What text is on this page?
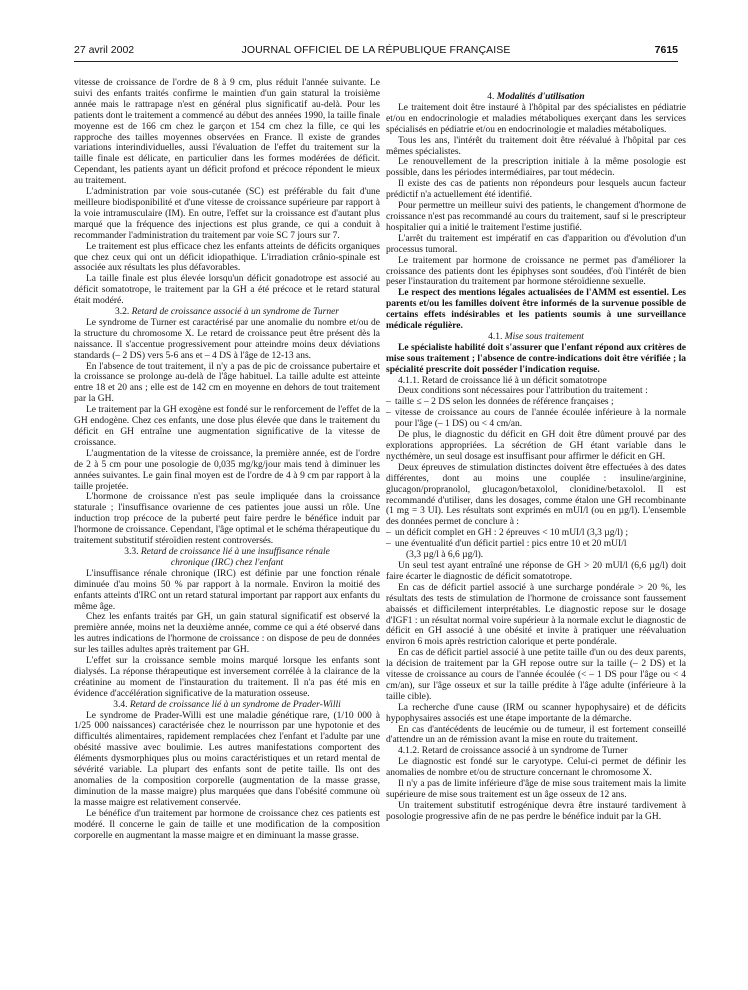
27 avril 2002	JOURNAL OFFICIEL DE LA RÉPUBLIQUE FRANÇAISE	7615

vitesse de croissance de l'ordre de 8 à 9 cm, plus réduit l'année suivante. Le suivi des enfants traités confirme le maintien d'un gain statural la troisième année mais le rattrapage n'est en général plus significatif au-delà. Pour les patients dont le traitement a commencé au début des années 1990, la taille finale moyenne est de 166 cm chez le garçon et 154 cm chez la fille, ce qui les rapproche des tailles moyennes observées en France. Il existe de grandes variations interindividuelles, aussi l'évaluation de l'effet du traitement sur la taille finale est délicate, en particulier dans les formes modérées de déficit. Cependant, les patients ayant un déficit profond et précoce répondent le mieux au traitement.

L'administration par voie sous-cutanée (SC) est préférable du fait d'une meilleure biodisponibilité et d'une vitesse de croissance supérieure par rapport à la voie intramusculaire (IM). En outre, l'effet sur la croissance est d'autant plus marqué que la fréquence des injections est plus grande, ce qui a conduit à recommander l'administration du traitement par voie SC 7 jours sur 7.

Le traitement est plus efficace chez les enfants atteints de déficits organiques que chez ceux qui ont un déficit idiopathique. L'irradiation crânio-spinale est associée aux résultats les plus défavorables.

La taille finale est plus élevée lorsqu'un déficit gonadotrope est associé au déficit somatotrope, le traitement par la GH a été précoce et le retard statural était modéré.

3.2. Retard de croissance associé à un syndrome de Turner

Le syndrome de Turner est caractérisé par une anomalie du nombre et/ou de la structure du chromosome X. Le retard de croissance peut être présent dès la naissance. Il s'accentue progressivement pour atteindre moins deux déviations standards (– 2 DS) vers 5-6 ans et – 4 DS à l'âge de 12-13 ans.

En l'absence de tout traitement, il n'y a pas de pic de croissance pubertaire et la croissance se prolonge au-delà de l'âge habituel. La taille adulte est atteinte entre 18 et 20 ans ; elle est de 142 cm en moyenne en dehors de tout traitement par la GH.

Le traitement par la GH exogène est fondé sur le renforcement de l'effet de la GH endogène. Chez ces enfants, une dose plus élevée que dans le traitement du déficit en GH entraîne une augmentation significative de la vitesse de croissance.

L'augmentation de la vitesse de croissance, la première année, est de l'ordre de 2 à 5 cm pour une posologie de 0,035 mg/kg/jour mais tend à diminuer les années suivantes. Le gain final moyen est de l'ordre de 4 à 9 cm par rapport à la taille projetée.

L'hormone de croissance n'est pas seule impliquée dans la croissance staturale ; l'insuffisance ovarienne de ces patientes joue aussi un rôle. Une induction trop précoce de la puberté peut faire perdre le bénéfice induit par l'hormone de croissance. Cependant, l'âge optimal et le schéma thérapeutique du traitement substitutif stéroïdien restent controversés.

3.3. Retard de croissance lié à une insuffisance rénale
chronique (IRC) chez l'enfant

L'insuffisance rénale chronique (IRC) est définie par une fonction rénale diminuée d'au moins 50 % par rapport à la normale. Environ la moitié des enfants atteints d'IRC ont un retard statural important par rapport aux enfants du même âge.

Chez les enfants traités par GH, un gain statural significatif est observé la première année, moins net la deuxième année, comme ce qui a été observé dans les autres indications de l'hormone de croissance : on dispose de peu de données sur les tailles adultes après traitement par GH.

L'effet sur la croissance semble moins marqué lorsque les enfants sont dialysés. La réponse thérapeutique est inversement corrélée à la clairance de la créatinine au moment de l'instauration du traitement. Il n'a pas été mis en évidence d'accélération significative de la maturation osseuse.

3.4. Retard de croissance lié à un syndrome de Prader-Willi

Le syndrome de Prader-Willi est une maladie génétique rare, (1/10 000 à 1/25 000 naissances) caractérisée chez le nourrisson par une hypotonie et des difficultés alimentaires, rapidement remplacées chez l'enfant et l'adulte par une obésité massive avec boulimie. Les autres manifestations comportent des éléments dysmorphiques plus ou moins caractéristiques et un retard mental de sévérité variable. La plupart des enfants sont de petite taille. Ils ont des anomalies de la composition corporelle (augmentation de la masse grasse, diminution de la masse maigre) plus marquées que dans l'obésité commune où la masse maigre est relativement conservée.

Le bénéfice d'un traitement par hormone de croissance chez ces patients est modéré. Il concerne le gain de taille et une modification de la composition corporelle en augmentant la masse maigre et en diminuant la masse grasse.

4. Modalités d'utilisation

Le traitement doit être instauré à l'hôpital par des spécialistes en pédiatrie et/ou en endocrinologie et maladies métaboliques exerçant dans les services spécialisés en pédiatrie et/ou en endocrinologie et maladies métaboliques.

Tous les ans, l'intérêt du traitement doit être réévalué à l'hôpital par ces mêmes spécialistes.

Le renouvellement de la prescription initiale à la même posologie est possible, dans les périodes intermédiaires, par tout médecin.

Il existe des cas de patients non répondeurs pour lesquels aucun facteur prédictif n'a actuellement été identifié.

Pour permettre un meilleur suivi des patients, le changement d'hormone de croissance n'est pas recommandé au cours du traitement, sauf si le prescripteur hospitalier qui a initié le traitement l'estime justifié.

L'arrêt du traitement est impératif en cas d'apparition ou d'évolution d'un processus tumoral.

Le traitement par hormone de croissance ne permet pas d'améliorer la croissance des patients dont les épiphyses sont soudées, d'où l'intérêt de bien peser l'instauration du traitement par hormone stéroïdienne sexuelle.

Le respect des mentions légales actualisées de l'AMM est essentiel. Les parents et/ou les familles doivent être informés de la survenue possible de certains effets indésirables et les patients soumis à une surveillance médicale régulière.

4.1. Mise sous traitement

Le spécialiste habilité doit s'assurer que l'enfant répond aux critères de mise sous traitement ; l'absence de contre-indications doit être vérifiée ; la spécialité prescrite doit posséder l'indication requise.

4.1.1. Retard de croissance lié à un déficit somatotrope

Deux conditions sont nécessaires pour l'attribution du traitement :

– taille ≤ – 2 DS selon les données de référence françaises ;

– vitesse de croissance au cours de l'année écoulée inférieure à la normale pour l'âge (– 1 DS) ou < 4 cm/an.

De plus, le diagnostic du déficit en GH doit être dûment prouvé par des explorations appropriées. La sécrétion de GH étant variable dans le nycthémère, un seul dosage est insuffisant pour affirmer le déficit en GH.

Deux épreuves de stimulation distinctes doivent être effectuées à des dates différentes, dont au moins une couplée : insuline/arginine, glucagon/propranolol, glucagon/betaxolol, clonidine/betaxolol. Il est recommandé d'utiliser, dans les dosages, comme étalon une GH recombinante (1 mg = 3 UI). Les résultats sont exprimés en mUI/l (ou en µg/l). L'ensemble des données permet de conclure à :

– un déficit complet en GH : 2 épreuves < 10 mUI/l (3,3 µg/l) ;

– une éventualité d'un déficit partiel : pics entre 10 et 20 mUI/l

(3,3 µg/l à 6,6 µg/l).

Un seul test ayant entraîné une réponse de GH > 20 mUI/l (6,6 µg/l) doit faire écarter le diagnostic de déficit somatotrope.

En cas de déficit partiel associé à une surcharge pondérale > 20 %, les résultats des tests de stimulation de l'hormone de croissance sont faussement abaissés et difficilement interprétables. Le diagnostic repose sur le dosage d'IGF1 : un résultat normal voire supérieur à la normale exclut le diagnostic de déficit en GH associé à une obésité et invite à pratiquer une réévaluation environ 6 mois après restriction calorique et perte pondérale.

En cas de déficit partiel associé à une petite taille d'un ou des deux parents, la décision de traitement par la GH repose outre sur la taille (– 2 DS) et la vitesse de croissance au cours de l'année écoulée (< – 1 DS pour l'âge ou < 4 cm/an), sur l'âge osseux et sur la taille prédite à l'âge adulte (inférieure à la taille cible).

La recherche d'une cause (IRM ou scanner hypophysaire) et de déficits hypophysaires associés est une étape importante de la démarche.

En cas d'antécédents de leucémie ou de tumeur, il est fortement conseillé d'attendre un an de rémission avant la mise en route du traitement.

4.1.2. Retard de croissance associé à un syndrome de Turner

Le diagnostic est fondé sur le caryotype. Celui-ci permet de définir les anomalies de nombre et/ou de structure concernant le chromosome X.

Il n'y a pas de limite inférieure d'âge de mise sous traitement mais la limite supérieure de mise sous traitement est un âge osseux de 12 ans.

Un traitement substitutif estrogénique devra être instauré tardivement à posologie progressive afin de ne pas perdre le bénéfice induit par la GH.
